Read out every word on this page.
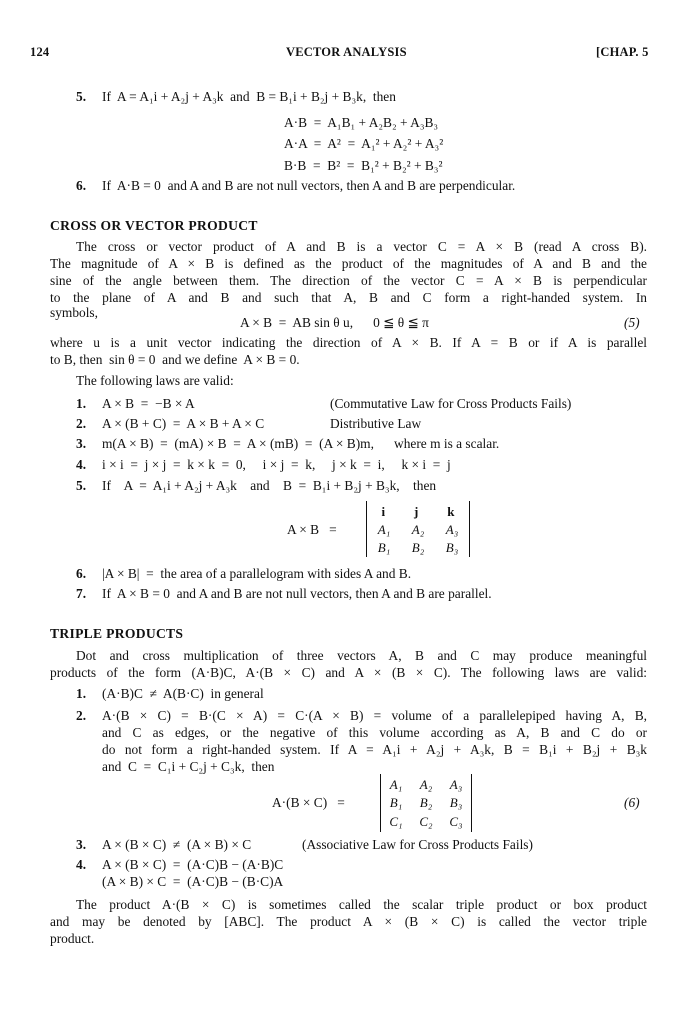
124	VECTOR ANALYSIS	[CHAP. 5
5. If  A = A₁i + A₂j + A₃k  and  B = B₁i + B₂j + B₃k,  then
A·B  =  A₁B₁ + A₂B₂ + A₃B₃
A·A  =  A²  =  A₁² + A₂² + A₃²
B·B  =  B²  =  B₁² + B₂² + B₃²
6. If  A·B = 0  and A and B are not null vectors, then A and B are perpendicular.
CROSS OR VECTOR PRODUCT
The cross or vector product of A and B is a vector C = A × B (read A cross B).
The magnitude of A × B is defined as the product of the magnitudes of A and B and the
sine of the angle between them. The direction of the vector C = A × B is perpendicular
to the plane of A and B and such that A, B and C form a right-handed system. In
symbols,
A × B  =  AB sin θ u,      0 ≦ θ ≦ π	(5)
where u is a unit vector indicating the direction of A × B. If A = B or if A is parallel
to B, then  sin θ = 0  and we define  A × B = 0.
The following laws are valid:
1. A × B  =  −B × A	(Commutative Law for Cross Products Fails)
2. A × (B + C)  =  A × B + A × C	Distributive Law
3. m(A × B)  =  (mA) × B  =  A × (mB)  =  (A × B)m,      where m is a scalar.
4. i × i  =  j × j  =  k × k  =  0,     i × j  =  k,     j × k  =  i,     k × i  =  j
5. If    A  =  A₁i + A₂j + A₃k    and    B  =  B₁i + B₂j + B₃k,    then
A × B   =
i j k
A₁ A₂ A₃
B₁ B₂ B₃
6. |A × B|  =  the area of a parallelogram with sides A and B.
7. If  A × B = 0  and A and B are not null vectors, then A and B are parallel.
TRIPLE PRODUCTS
Dot and cross multiplication of three vectors A, B and C may produce meaningful
products of the form (A·B)C, A·(B × C) and A × (B × C). The following laws are valid:
1. (A·B)C  ≠  A(B·C)  in general
2. A·(B × C) = B·(C × A) = C·(A × B) = volume of a parallelepiped having A, B,
and C as edges, or the negative of this volume according as A, B and C do or
do not form a right-handed system. If A = A₁i + A₂j + A₃k, B = B₁i + B₂j + B₃k
and  C  =  C₁i + C₂j + C₃k,  then
A·(B × C)   =
A₁ A₂ A₃
B₁ B₂ B₃
C₁ C₂ C₃
(6)
3. A × (B × C)  ≠  (A × B) × C	(Associative Law for Cross Products Fails)
4. A × (B × C)  =  (A·C)B − (A·B)C
(A × B) × C  =  (A·C)B − (B·C)A
The product A·(B × C) is sometimes called the scalar triple product or box product
and may be denoted by [ABC]. The product A × (B × C) is called the vector triple
product.
